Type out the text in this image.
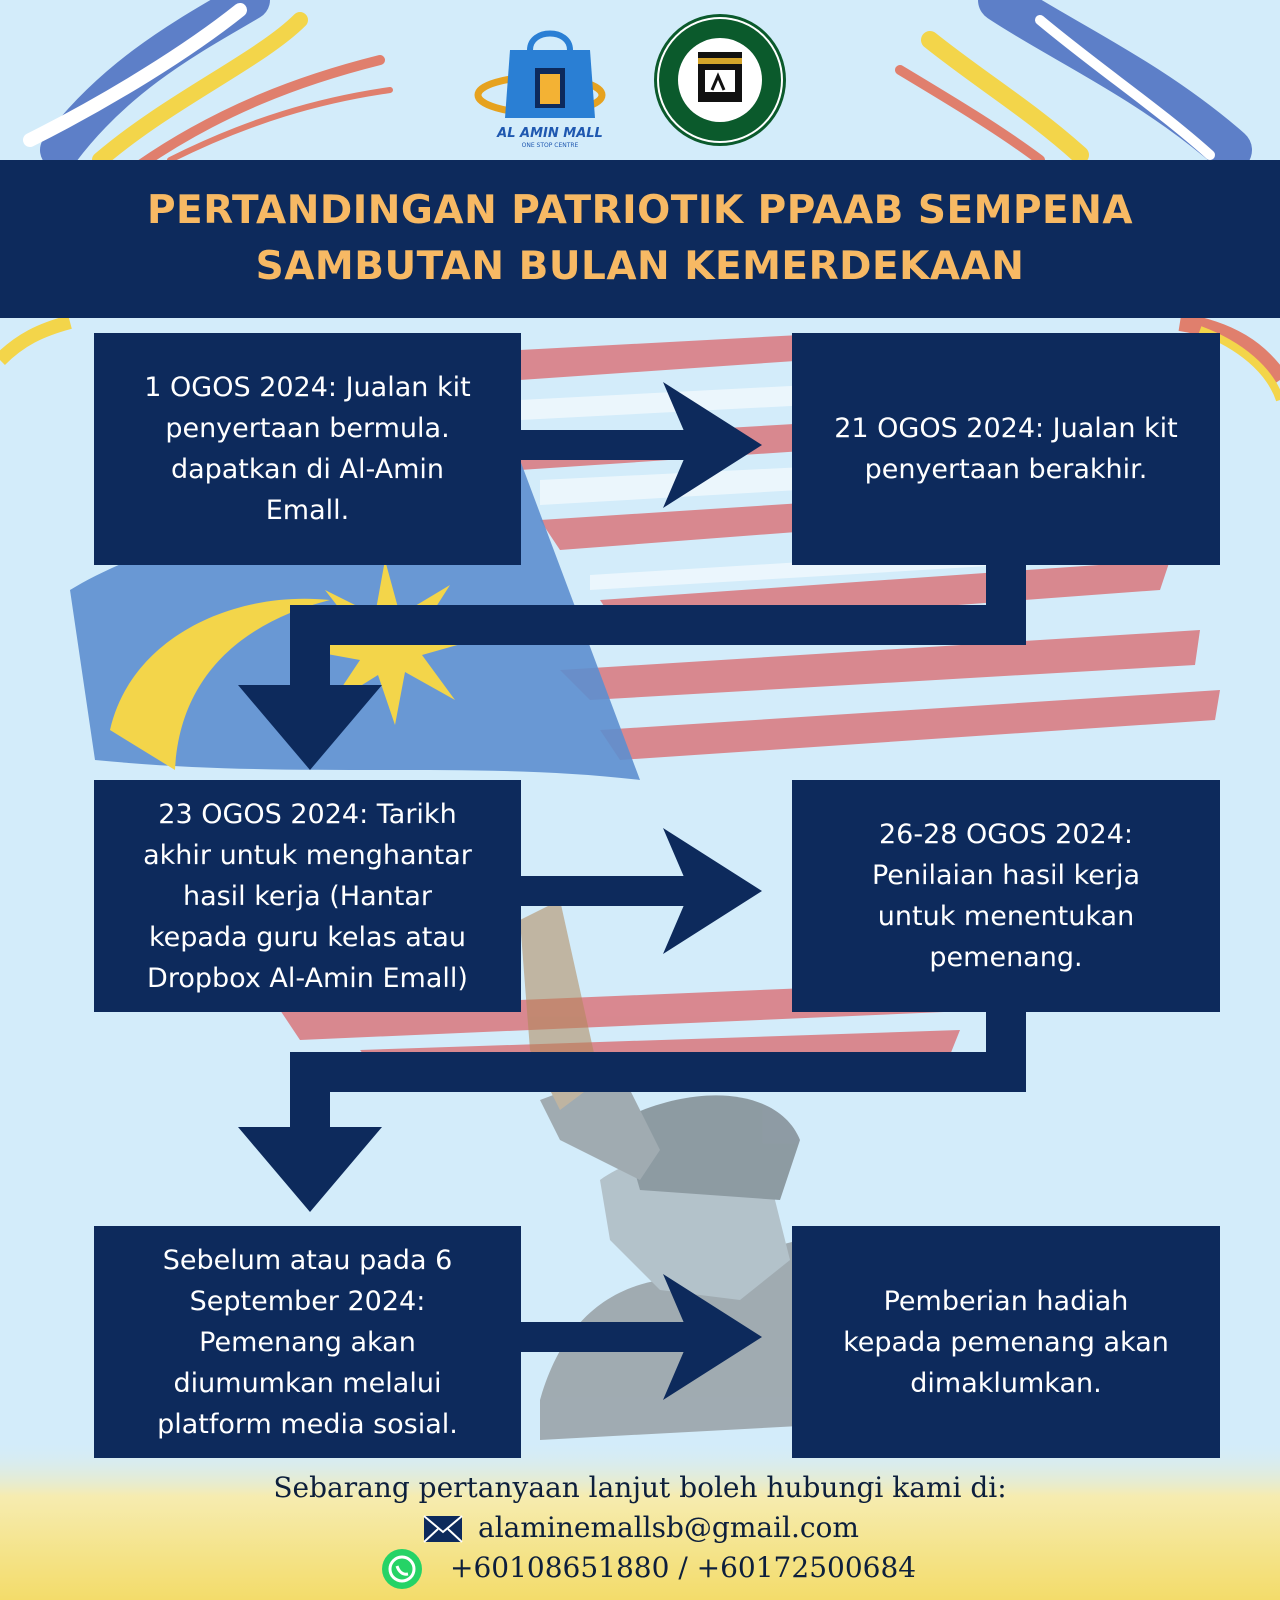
AL AMIN MALL
ONE STOP CENTRE
PERTANDINGAN PATRIOTIK PPAAB SEMPENA
SAMBUTAN BULAN KEMERDEKAAN
1 OGOS 2024: Jualan kit
penyertaan bermula.
dapatkan di Al-Amin
Emall.
21 OGOS 2024: Jualan kit
penyertaan berakhir.
23 OGOS 2024: Tarikh
akhir untuk menghantar
hasil kerja (Hantar
kepada guru kelas atau
Dropbox Al-Amin Emall)
26-28 OGOS 2024:
Penilaian hasil kerja
untuk menentukan
pemenang.
Sebelum atau pada 6
September 2024:
Pemenang akan
diumumkan melalui
platform media sosial.
Pemberian hadiah
kepada pemenang akan
dimaklumkan.
Sebarang pertanyaan lanjut boleh hubungi kami di:
alaminemallsb@gmail.com
+60108651880 / +60172500684
